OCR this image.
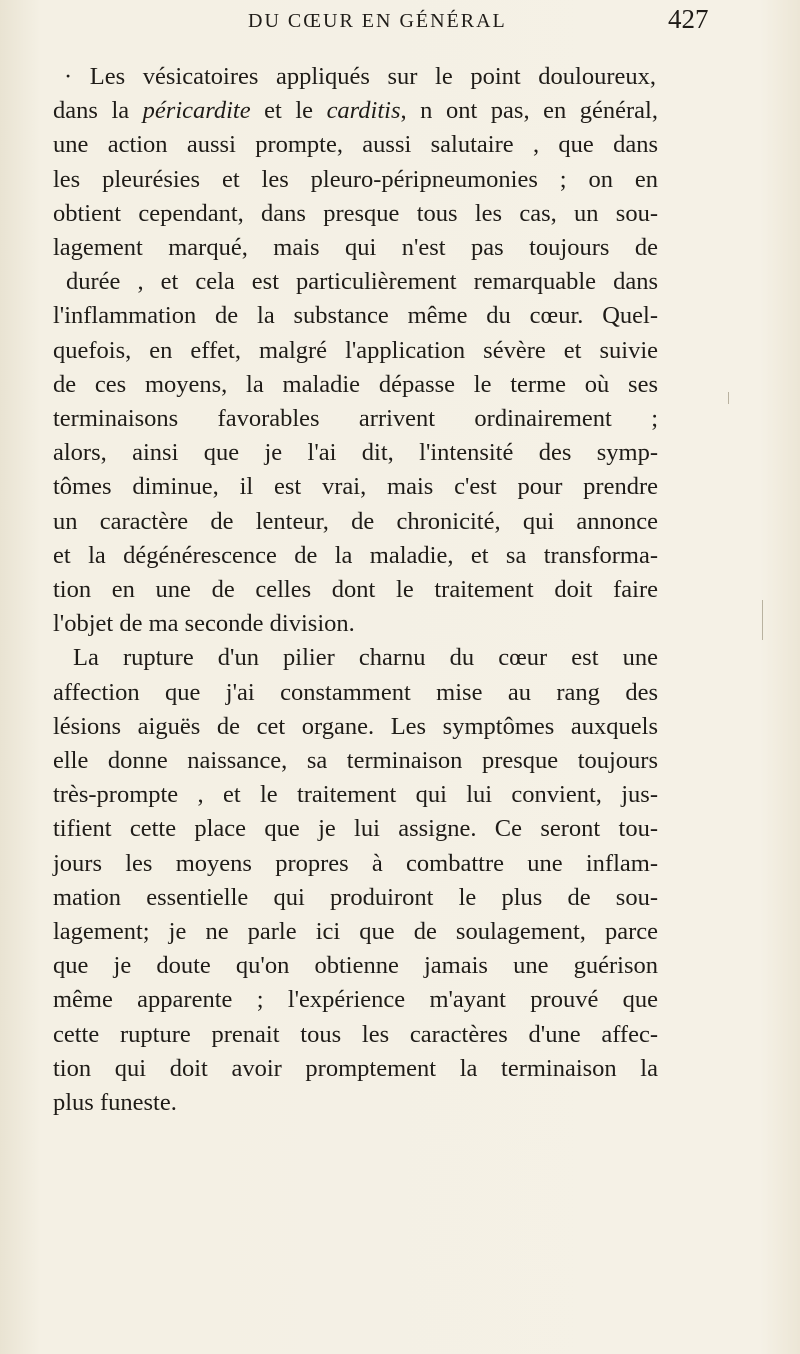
DU CŒUR EN GÉNÉRAL	427
· Les vésicatoires appliqués sur le point douloureux,
dans la péricardite et le carditis, n ont pas, en général,
une action aussi prompte, aussi salutaire , que dans
les pleurésies et les pleuro-péripneumonies ; on en
obtient cependant, dans presque tous les cas, un sou-
lagement marqué, mais qui n'est pas toujours de
durée , et cela est particulièrement remarquable dans
l'inflammation de la substance même du cœur. Quel-
quefois, en effet, malgré l'application sévère et suivie
de ces moyens, la maladie dépasse le terme où ses
terminaisons favorables arrivent ordinairement ;
alors, ainsi que je l'ai dit, l'intensité des symp-
tômes diminue, il est vrai, mais c'est pour prendre
un caractère de lenteur, de chronicité, qui annonce
et la dégénérescence de la maladie, et sa transforma-
tion en une de celles dont le traitement doit faire
l'objet de ma seconde division.
La rupture d'un pilier charnu du cœur est une
affection que j'ai constamment mise au rang des
lésions aiguës de cet organe. Les symptômes auxquels
elle donne naissance, sa terminaison presque toujours
très-prompte , et le traitement qui lui convient, jus-
tifient cette place que je lui assigne. Ce seront tou-
jours les moyens propres à combattre une inflam-
mation essentielle qui produiront le plus de sou-
lagement; je ne parle ici que de soulagement, parce
que je doute qu'on obtienne jamais une guérison
même apparente ; l'expérience m'ayant prouvé que
cette rupture prenait tous les caractères d'une affec-
tion qui doit avoir promptement la terminaison la
plus funeste.
